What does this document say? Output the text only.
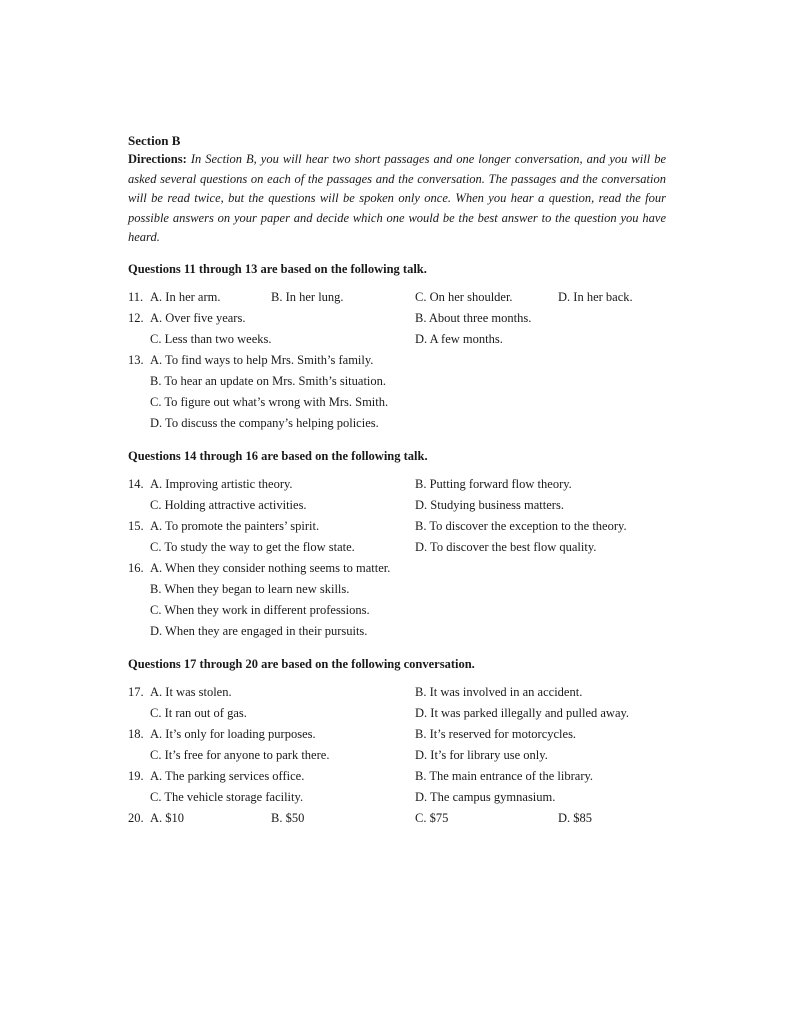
Section B

Directions: In Section B, you will hear two short passages and one longer conversation, and you will be asked several questions on each of the passages and the conversation. The passages and the conversation will be read twice, but the questions will be spoken only once. When you hear a question, read the four possible answers on your paper and decide which one would be the best answer to the question you have heard.

Questions 11 through 13 are based on the following talk.

11. A. In her arm.	B. In her lung.	C. On her shoulder.	D. In her back.
12. A. Over five years.	B. About three months.
C. Less than two weeks.	D. A few months.
13. A. To find ways to help Mrs. Smith’s family.
B. To hear an update on Mrs. Smith’s situation.
C. To figure out what’s wrong with Mrs. Smith.
D. To discuss the company’s helping policies.

Questions 14 through 16 are based on the following talk.

14. A. Improving artistic theory.	B. Putting forward flow theory.
C. Holding attractive activities.	D. Studying business matters.
15. A. To promote the painters’ spirit.	B. To discover the exception to the theory.
C. To study the way to get the flow state.	D. To discover the best flow quality.
16. A. When they consider nothing seems to matter.
B. When they began to learn new skills.
C. When they work in different professions.
D. When they are engaged in their pursuits.

Questions 17 through 20 are based on the following conversation.

17. A. It was stolen.	B. It was involved in an accident.
C. It ran out of gas.	D. It was parked illegally and pulled away.
18. A. It’s only for loading purposes.	B. It’s reserved for motorcycles.
C. It’s free for anyone to park there.	D. It’s for library use only.
19. A. The parking services office.	B. The main entrance of the library.
C. The vehicle storage facility.	D. The campus gymnasium.
20. A. $10	B. $50	C. $75	D. $85
